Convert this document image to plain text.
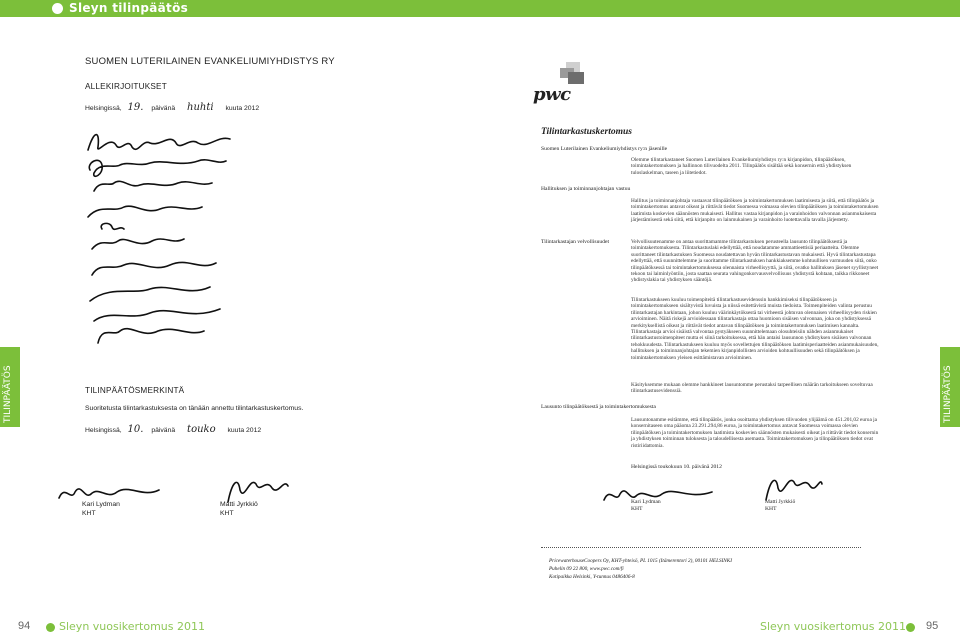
Sleyn tilinpäätös
TILINPÄÄTÖS	TILINPÄÄTÖS
SUOMEN LUTERILAINEN EVANKELIUMIYHDISTYS RY
ALLEKIRJOITUKSET
Helsingissä, 19. päivänä huhti kuuta 2012
TILINPÄÄTÖSMERKINTÄ
Suoritetusta tilintarkastuksesta on tänään annettu tilintarkastuskertomus.
Helsingissä, 10. päivänä touko kuuta 2012
Kari Lydman
KHT
Matti Jyrkkiö
KHT
pwc
Tilintarkastuskertomus
Suomen Luterilainen Evankeliumiyhdistys ry:n jäsenille
Olemme tilintarkastaneet Suomen Luterilainen Evankeliumiyhdistys ry:n kirjanpidon, tilinpäätöksen, toimintakertomuksen ja hallinnon tilivuodelta 2011. Tilinpäätös sisältää sekä konsernin että yhdistyksen tuloslaskelman, taseen ja liitetiedot.
Hallituksen ja toiminnanjohtajan vastuu
Hallitus ja toiminnanjohtaja vastaavat tilinpäätöksen ja toimintakertomuksen laatimisesta ja siitä, että tilinpäätös ja toimintakertomus antavat oikeat ja riittävät tiedot Suomessa voimassa olevien tilinpäätöksen ja toimintakertomuksen laatimista koskevien säännösten mukaisesti. Hallitus vastaa kirjanpidon ja varainhoidon valvonnan asianmukaisesta järjestämisestä sekä siitä, että kirjanpito on lainmukainen ja varainhoito luotettavalla tavalla järjestetty.
Tilintarkastajan velvollisuudet	Velvollisuutenamme on antaa suorittamamme tilintarkastuksen perusteella lausunto tilinpäätöksestä ja toimintakertomuksesta. Tilintarkastuslaki edellyttää, että noudatamme ammattieettisiä periaatteita. Olemme suorittaneet tilintarkastuksen Suomessa noudatettavan hyvän tilintarkastustavan mukaisesti. Hyvä tilintarkastustapa edellyttää, että suunnittelemme ja suoritamme tilintarkastuksen hankkiaksemme kohtuullisen varmuuden siitä, onko tilinpäätöksessä tai toimintakertomuksessa olennaista virheellisyyttä, ja siitä, ovatko hallituksen jäsenet syyllistyneet tekoon tai laiminlyöntiin, josta saattaa seurata vahingonkorvausvelvollisuus yhdistystä kohtaan, taikka rikkoneet yhdistyslakia tai yhdistyksen sääntöjä.
Tilintarkastukseen kuuluu toimenpiteitä tilintarkastusevidenssin hankkimiseksi tilinpäätökseen ja toimintakertomukseen sisältyvistä luvuista ja niissä esitettävistä muista tiedoista. Toimenpiteiden valinta perustuu tilintarkastajan harkintaan, johon kuuluu väärinkäytöksestä tai virheestä johtuvan olennaisen virheellisyyden riskien arvioiminen. Näitä riskejä arvioidessaan tilintarkastaja ottaa huomioon sisäisen valvonnan, joka on yhdistyksessä merkityksellistä oikeat ja riittävät tiedot antavan tilinpäätöksen ja toimintakertomuksen laatimisen kannalta. Tilintarkastaja arvioi sisäistä valvontaa pystyäkseen suunnittelemaan olosuhteisiin nähden asianmukaiset tilintarkastustoimenpiteet mutta ei siinä tarkoituksessa, että hän antaisi lausunnon yhdistyksen sisäisen valvonnan tehokkuudesta. Tilintarkastukseen kuuluu myös sovellettujen tilinpäätöksen laatimisperiaatteiden asianmukaisuuden, hallituksen ja toiminnanjohtajan tekemien kirjanpidollisten arvioiden kohtuullisuuden sekä tilinpäätöksen ja toimintakertomuksen yleisen esittämistavan arvioiminen.
Käsityksemme mukaan olemme hankkineet lausuntomme perustaksi tarpeellisen määrän tarkoitukseen soveltuvaa tilintarkastusevidenssiä.
Lausunto tilinpäätöksestä ja toimintakertomuksesta
Lausuntonamme esitämme, että tilinpäätös, jonka osoittama yhdistyksen tilivuoden ylijäämä on 451.201,02 euroa ja konsernitaseen oma pääoma 23.291.294,86 euroa, ja toimintakertomus antavat Suomessa voimassa olevien tilinpäätöksen ja toimintakertomuksen laatimista koskevien säännösten mukaisesti oikeat ja riittävät tiedot konsernin ja yhdistyksen toiminnan tuloksesta ja taloudellisesta asemasta. Toimintakertomuksen ja tilinpäätöksen tiedot ovat ristiriidattomia.
Helsingissä toukokuun 10. päivänä 2012
Kari Lydman
KHT
Matti Jyrkkiö
KHT
PricewaterhouseCoopers Oy, KHT-yhteisö, PL 1015 (Itämerentori 2), 00101 HELSINKI
Puhelin 09 22 800, www.pwc.com/fi
Kotipaikka Helsinki, Y-tunnus 0486406-8
94	Sleyn vuosikertomus 2011	Sleyn vuosikertomus 2011 95
